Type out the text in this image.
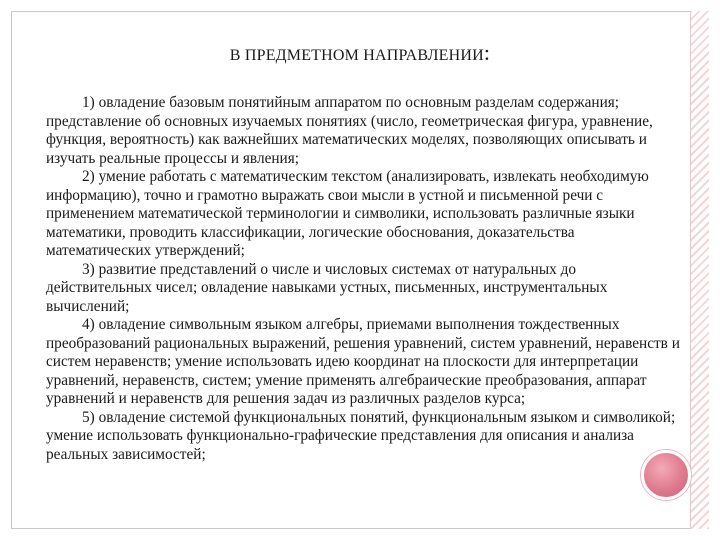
В ПРЕДМЕТНОМ НАПРАВЛЕНИИ:

1) овладение базовым понятийным аппаратом по основным разделам содержания; представление об основных изучаемых понятиях (число, геометрическая фигура, уравнение, функция, вероятность) как важнейших математических моделях, позволяющих описывать и изучать реальные процессы и явления;

2) умение работать с математическим текстом (анализировать, извлекать необходимую информацию), точно и грамотно выражать свои мысли в устной и письменной речи с применением математической терминологии и символики, использовать различные языки математики, проводить классификации, логические обоснования, доказательства математических утверждений;

3) развитие представлений о числе и числовых системах от натуральных до действительных чисел; овладение навыками устных, письменных, инструментальных вычислений;

4) овладение символьным языком алгебры, приемами выполнения тождественных преобразований рациональных выражений, решения уравнений, систем уравнений, неравенств и систем неравенств; умение использовать идею координат на плоскости для интерпретации уравнений, неравенств, систем; умение применять алгебраические преобразования, аппарат уравнений и неравенств для решения задач из различных разделов курса;

5) овладение системой функциональных понятий, функциональным языком и символикой; умение использовать функционально-графические представления для описания и анализа реальных зависимостей;
